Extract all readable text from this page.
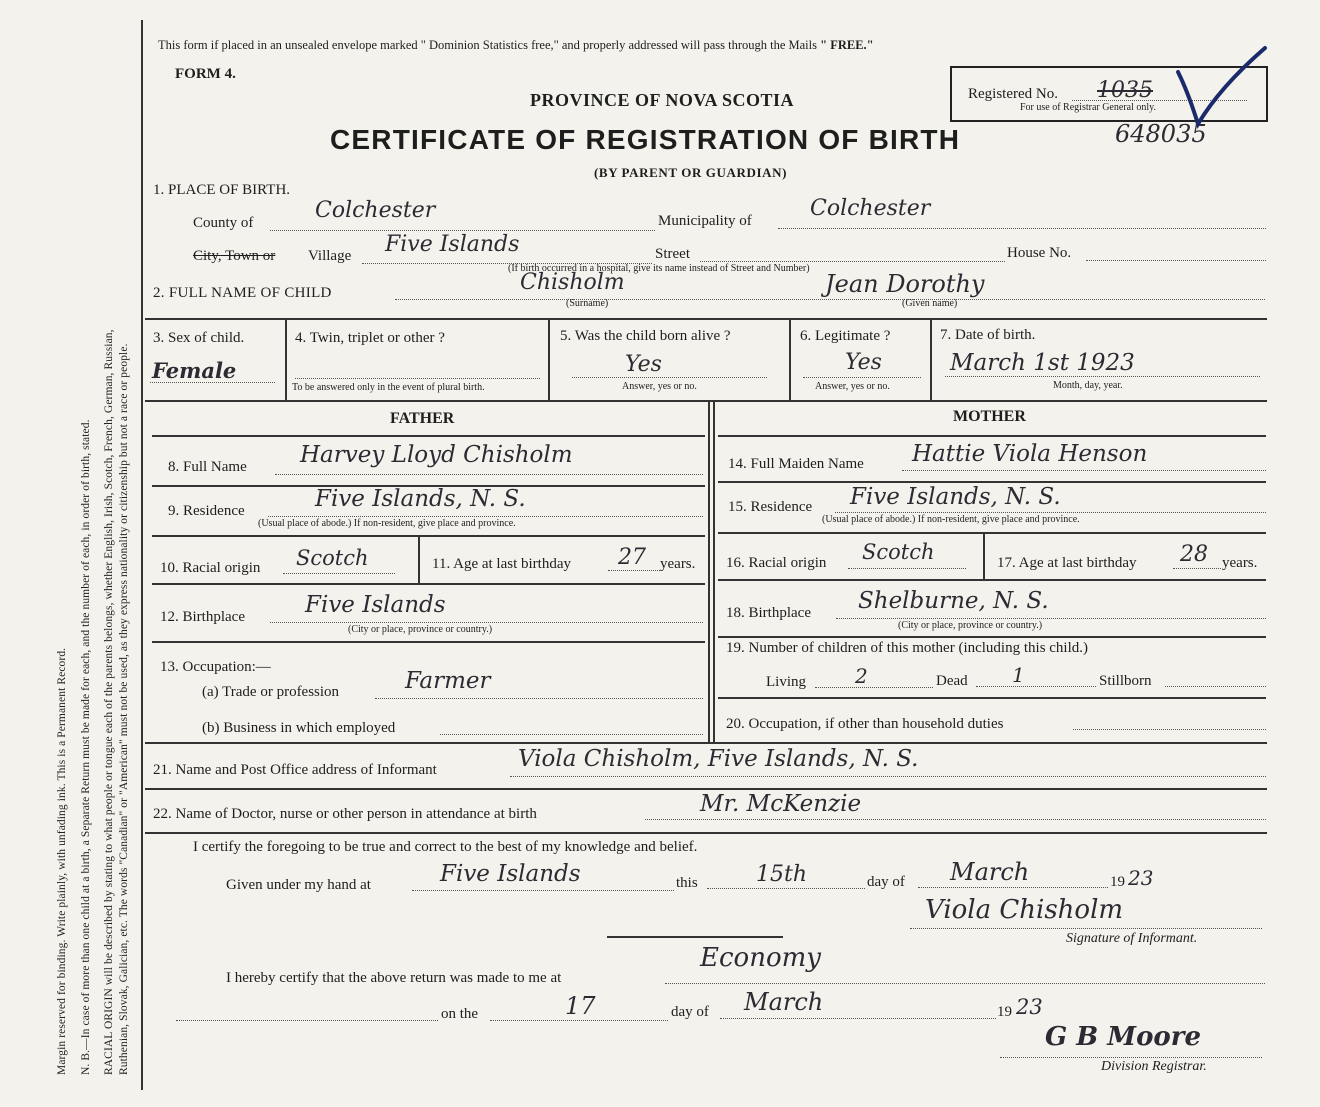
Margin reserved for binding. Write plainly, with unfading ink. This is a Permanent Record. N. B.—In case of more than one child at a birth, a Separate Return must be made for each, and the number of each, in order of birth, stated. RACIAL ORIGIN will be described by stating to what people or tongue each of the parents belongs, whether English, Irish, Scotch, French, German, Russian, Ruthenian, Slovak, Galician, etc. The words "Canadian" or "American" must not be used, as they express nationality or citizenship but not a race or people.
This form if placed in an unsealed envelope marked " Dominion Statistics free," and properly addressed will pass through the Mails " FREE."
FORM 4.
PROVINCE OF NOVA SCOTIA
CERTIFICATE OF REGISTRATION OF BIRTH
(BY PARENT OR GUARDIAN)
648035
Registered No. 1035
For use of Registrar General only.
1. PLACE OF BIRTH.
County of	Colchester	Municipality of	Colchester
City, Town or Village Five Islands	Street	House No.
(If birth occurred in a hospital, give its name instead of Street and Number)
2. FULL NAME OF CHILD	Chisholm
(Surname)
Jean Dorothy
(Given name)
3. Sex of child.
Female
4. Twin, triplet or other ?
To be answered only in the event of plural birth.
5. Was the child born alive ?
Yes
Answer, yes or no.
6. Legitimate ?
Yes
Answer, yes or no.
7. Date of birth.
March 1st 1923
Month, day, year.
FATHER	MOTHER
8. Full Name Harvey Lloyd Chisholm
9. Residence	Five Islands, N. S.
(Usual place of abode.) If non-resident, give place and province.
10. Racial origin Scotch	11. Age at last birthday 27 years.
12. Birthplace	Five Islands
(City or place, province or country.)
13. Occupation:—
(a) Trade or profession	Farmer
(b) Business in which employed
14. Full Maiden Name Hattie Viola Henson
15. Residence Five Islands, N. S.
(Usual place of abode.) If non-resident, give place and province.
16. Racial origin Scotch	17. Age at last birthday 28 years.
18. Birthplace Shelburne, N. S.
(City or place, province or country.)
19. Number of children of this mother (including this child.)
Living 2	Dead 1	Stillborn
20. Occupation, if other than household duties
21. Name and Post Office address of Informant	Viola Chisholm, Five Islands, N. S.
22. Name of Doctor, nurse or other person in attendance at birth	Mr. McKenzie
I certify the foregoing to be true and correct to the best of my knowledge and belief.
Given under my hand at	Five Islands	this	15th	day of March	19 23
Viola Chisholm
Signature of Informant.
I hereby certify that the above return was made to me at
Economy
on the	17	day of March	19 23
G B Moore
Division Registrar.
